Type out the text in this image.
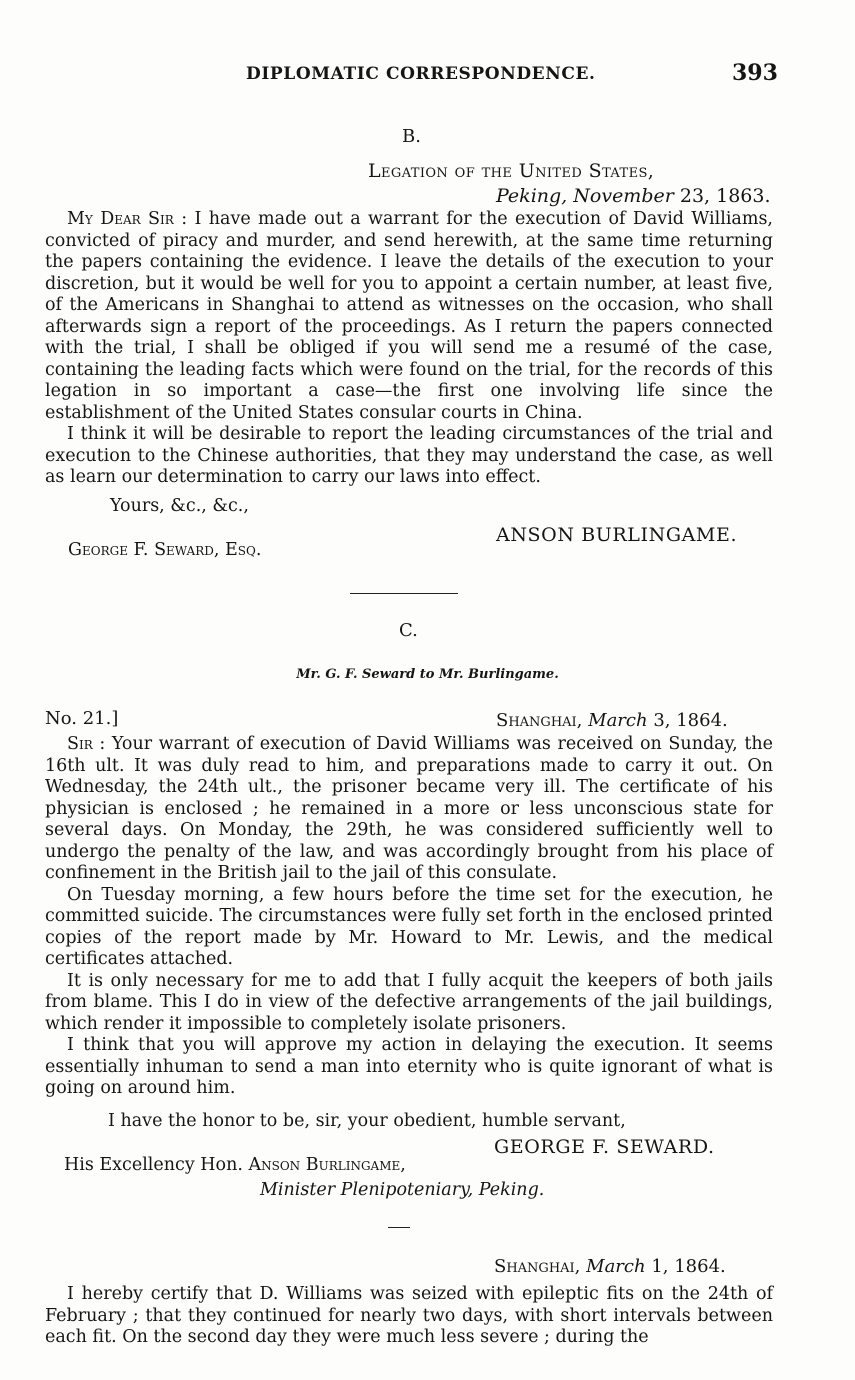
DIPLOMATIC CORRESPONDENCE.	393
B.
Legation of the United States,
Peking, November 23, 1863.

My Dear Sir : I have made out a warrant for the execution of David Williams, convicted of piracy and murder, and send herewith, at the same time returning the papers containing the evidence. I leave the details of the execution to your discretion, but it would be well for you to appoint a certain number, at least five, of the Americans in Shanghai to attend as witnesses on the occasion, who shall afterwards sign a report of the proceedings. As I return the papers connected with the trial, I shall be obliged if you will send me a resumé of the case, containing the leading facts which were found on the trial, for the records of this legation in so important a case—the first one involving life since the establishment of the United States consular courts in China.

I think it will be desirable to report the leading circumstances of the trial and execution to the Chinese authorities, that they may understand the case, as well as learn our determination to carry our laws into effect.

Yours, &c., &c.,
ANSON BURLINGAME.
George F. Seward, Esq.
C.
Mr. G. F. Seward to Mr. Burlingame.
No. 21.]	Shanghai, March 3, 1864.

Sir : Your warrant of execution of David Williams was received on Sunday, the 16th ult. It was duly read to him, and preparations made to carry it out. On Wednesday, the 24th ult., the prisoner became very ill. The certificate of his physician is enclosed ; he remained in a more or less unconscious state for several days. On Monday, the 29th, he was considered sufficiently well to undergo the penalty of the law, and was accordingly brought from his place of confinement in the British jail to the jail of this consulate.

On Tuesday morning, a few hours before the time set for the execution, he committed suicide. The circumstances were fully set forth in the enclosed printed copies of the report made by Mr. Howard to Mr. Lewis, and the medical certificates attached.

It is only necessary for me to add that I fully acquit the keepers of both jails from blame. This I do in view of the defective arrangements of the jail buildings, which render it impossible to completely isolate prisoners.

I think that you will approve my action in delaying the execution. It seems essentially inhuman to send a man into eternity who is quite ignorant of what is going on around him.

I have the honor to be, sir, your obedient, humble servant,
GEORGE F. SEWARD.
His Excellency Hon. Anson Burlingame,
Minister Plenipoteniary, Peking.
Shanghai, March 1, 1864.

I hereby certify that D. Williams was seized with epileptic fits on the 24th of February ; that they continued for nearly two days, with short intervals between each fit. On the second day they were much less severe ; during the
